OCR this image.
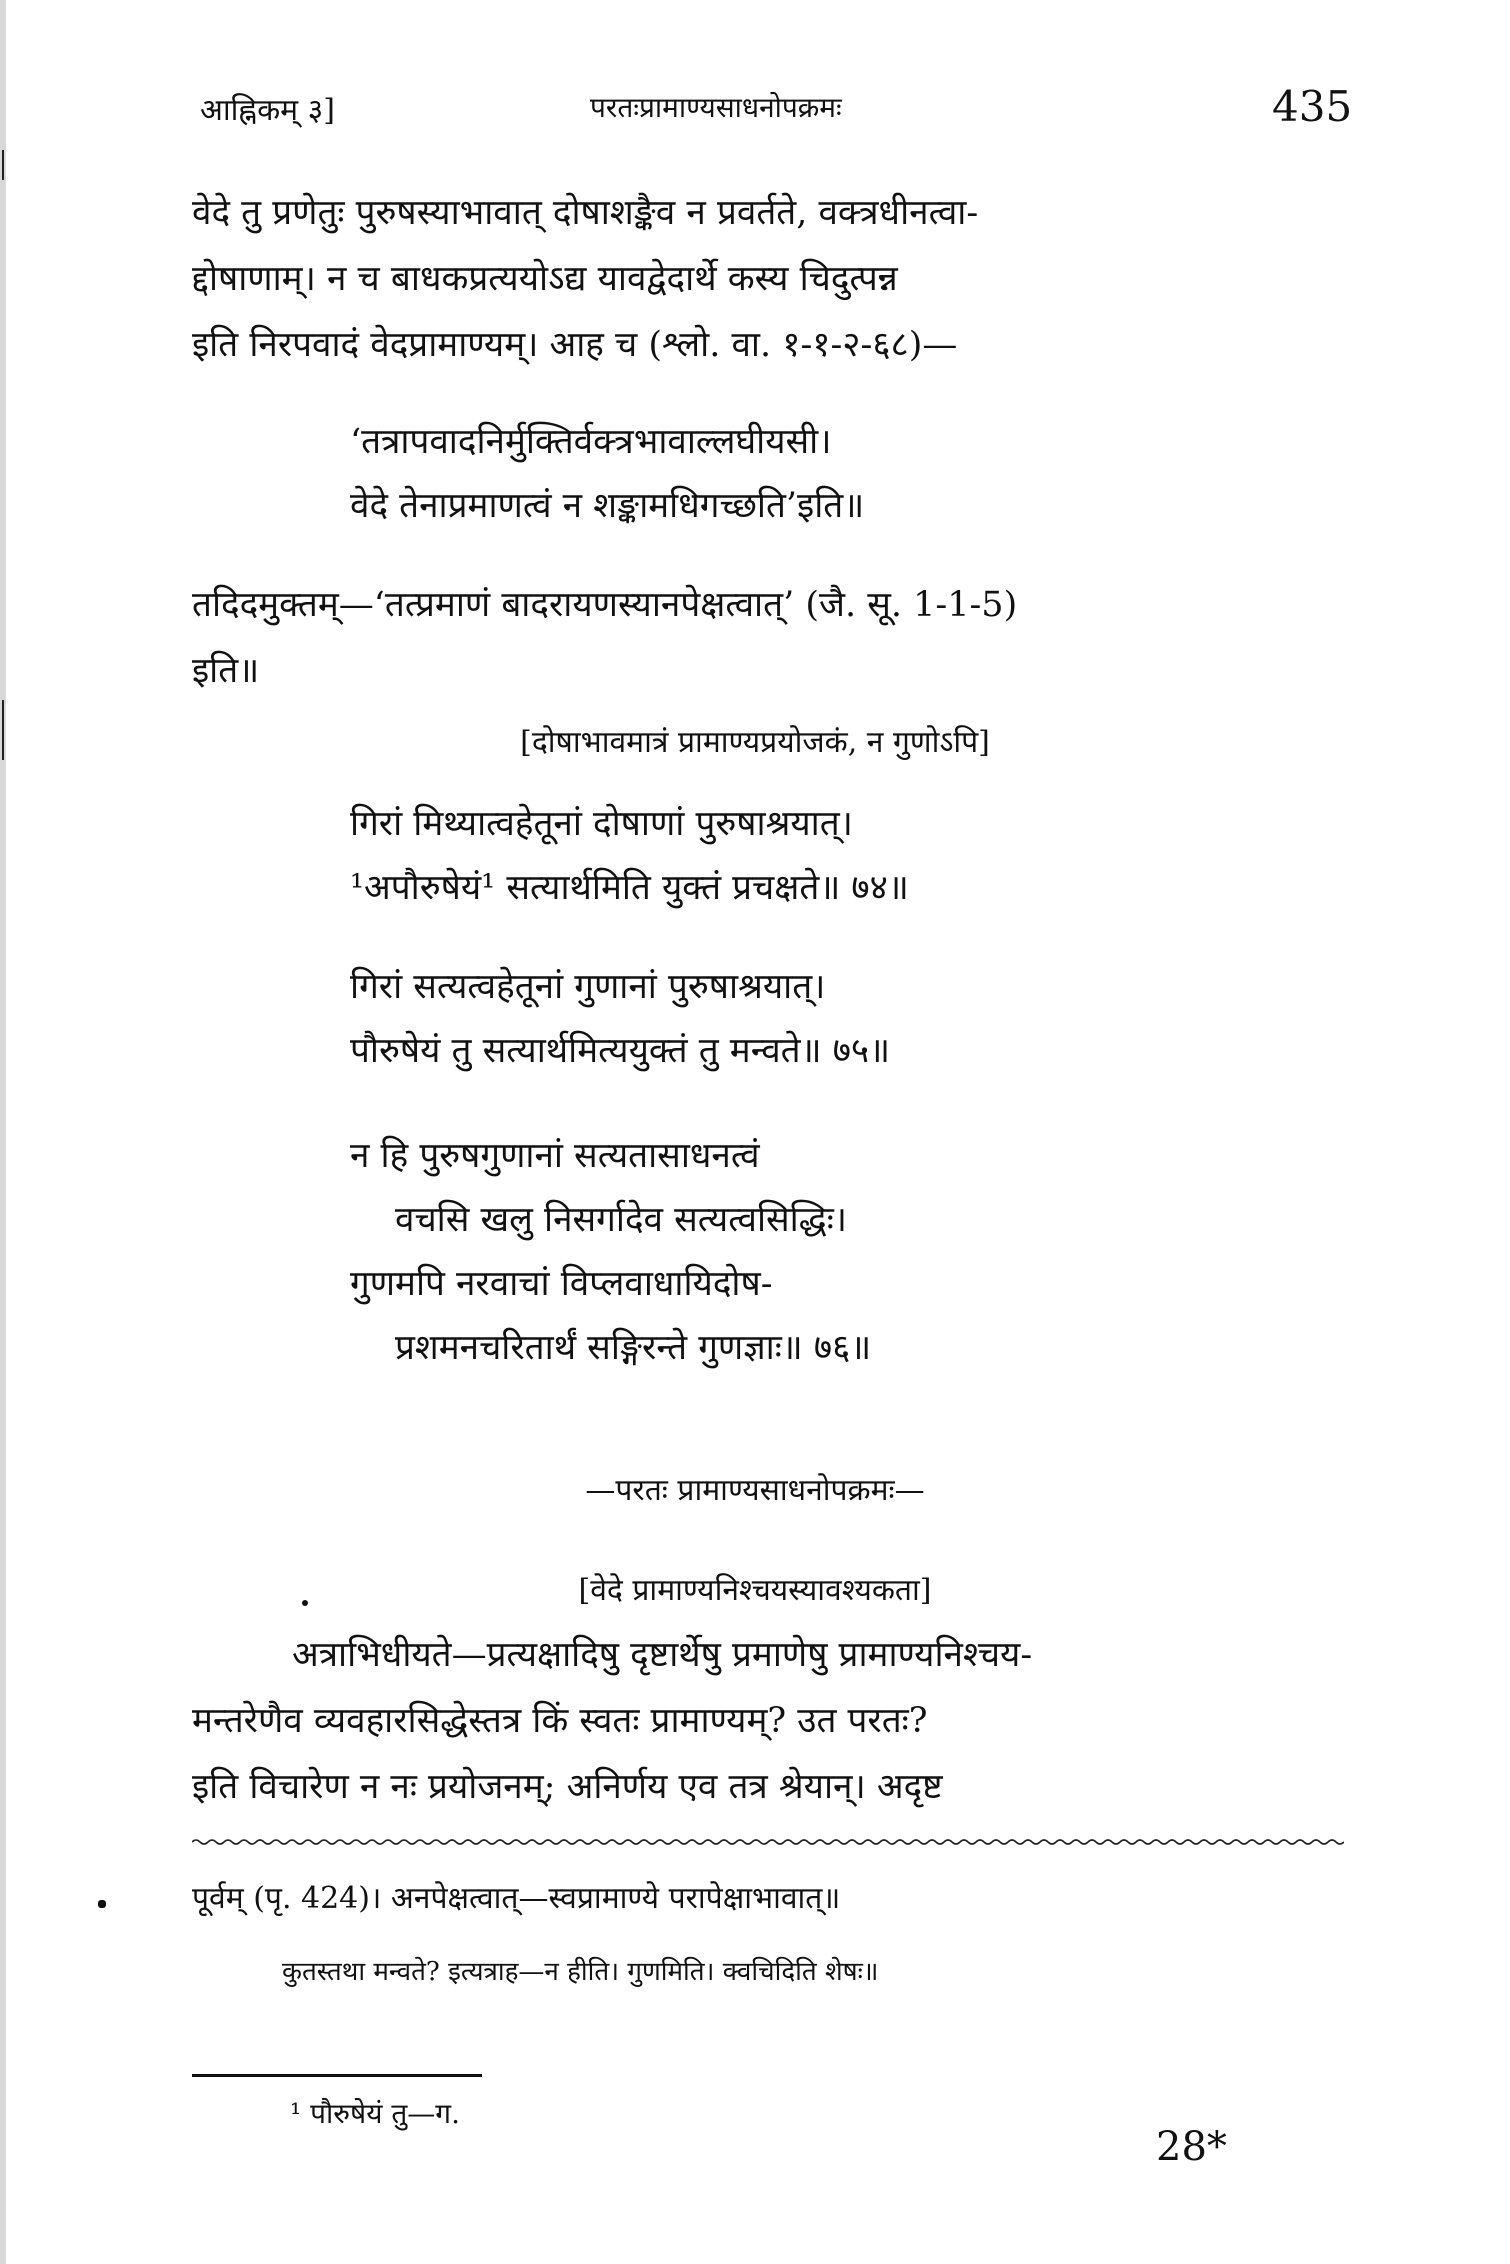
आह्निकम् ३]	परतःप्रामाण्यसाधनोपक्रमः	435

वेदे तु प्रणेतुः पुरुषस्याभावात् दोषाशङ्कैव न प्रवर्तते, वक्त्रधीनत्वा-
द्दोषाणाम्। न च बाधकप्रत्ययोऽद्य यावद्वेदार्थे कस्य चिदुत्पन्न
इति निरपवादं वेदप्रामाण्यम्। आह च (श्लो. वा. १-१-२-६८)—

‘तत्रापवादनिर्मुक्तिर्वक्त्रभावाल्लघीयसी।
वेदे तेनाप्रमाणत्वं न शङ्कामधिगच्छति’इति॥

तदिदमुक्तम्—‘तत्प्रमाणं बादरायणस्यानपेक्षत्वात्’ (जै. सू. 1-1-5)
इति॥

[दोषाभावमात्रं प्रामाण्यप्रयोजकं, न गुणोऽपि]

गिरां मिथ्यात्वहेतूनां दोषाणां पुरुषाश्रयात्।
¹अपौरुषेयं¹ सत्यार्थमिति युक्तं प्रचक्षते॥ ७४॥

गिरां सत्यत्वहेतूनां गुणानां पुरुषाश्रयात्।
पौरुषेयं तु सत्यार्थमित्ययुक्तं तु मन्वते॥ ७५॥

न हि पुरुषगुणानां सत्यतासाधनत्वं
वचसि खलु निसर्गादेव सत्यत्वसिद्धिः।
गुणमपि नरवाचां विप्लवाधायिदोष-
प्रशमनचरितार्थं सङ्गिरन्ते गुणज्ञाः॥ ७६॥

—परतः प्रामाण्यसाधनोपक्रमः—
[वेदे प्रामाण्यनिश्चयस्यावश्यकता]

अत्राभिधीयते—प्रत्यक्षादिषु दृष्टार्थेषु प्रमाणेषु प्रामाण्यनिश्चय-
मन्तरेणैव व्यवहारसिद्धेस्तत्र किं स्वतः प्रामाण्यम्? उत परतः?
इति विचारेण न नः प्रयोजनम्; अनिर्णय एव तत्र श्रेयान्। अदृष्ट

पूर्वम् (पृ. 424)। अनपेक्षत्वात्—स्वप्रामाण्ये परापेक्षाभावात्॥
कुतस्तथा मन्वते? इत्यत्राह—न हीति। गुणमिति। क्वचिदिति शेषः॥
¹ पौरुषेयं तु—ग.
28*
